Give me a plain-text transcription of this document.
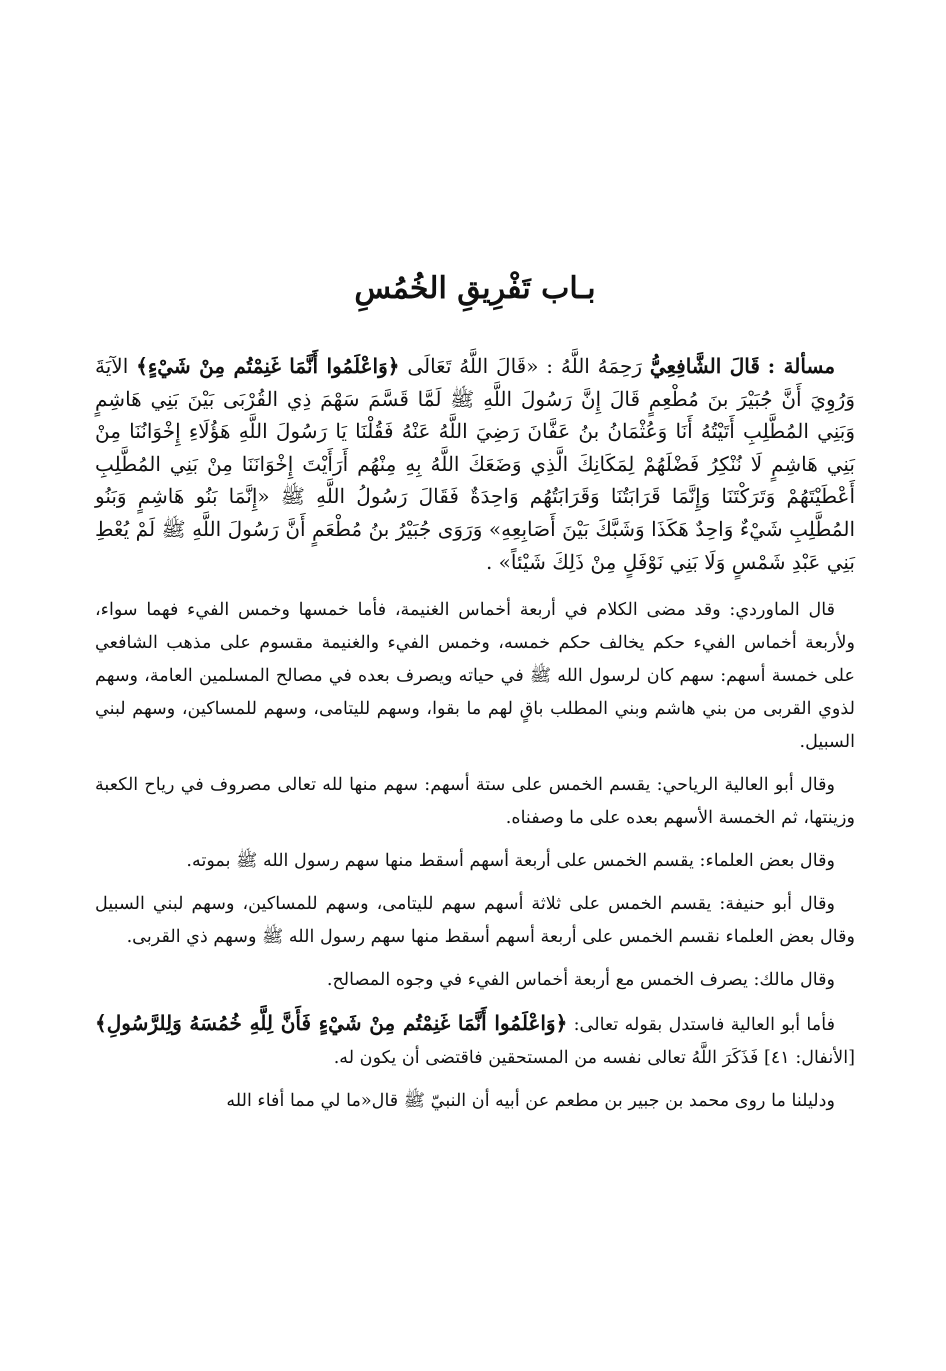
بـاب تَفْرِيقِ الخُمُسِ

مسألة : قَالَ الشَّافِعِيُّ رَحِمَهُ اللَّهُ : «قَالَ اللَّهُ تَعَالَى ﴿وَاعْلَمُوا أَنَّمَا غَنِمْتُم مِنْ شَيْءٍ﴾ الآيَةَ وَرُوِيَ أَنَّ جُبَيْرَ بنَ مُطْعِمٍ قَالَ إِنَّ رَسُولَ اللَّهِ ﷺ لَمَّا قَسَّمَ سَهْمَ ذِي القُرْبَى بَيْنَ بَنِي هَاشِمٍ وَبَنِي المُطَّلِبِ أَتَيْتُهُ أَنَا وَعُثْمَانُ بنُ عَفَّانَ رَضِيَ اللَّهُ عَنْهُ فَقُلْنَا يَا رَسُولَ اللَّهِ هَؤُلَاءِ إِخْوَانُنَا مِنْ بَنِي هَاشِمٍ لَا نُنْكِرُ فَضْلَهُمْ لِمَكَانِكَ الَّذِي وَضَعَكَ اللَّهُ بِهِ مِنْهُم أَرَأَيْتَ إِخْوَانَنَا مِنْ بَنِي المُطَّلِبِ أَعْطَيْتَهُمْ وَتَرَكْتَنَا وَإِنَّمَا قَرَابَتُنَا وَقَرَابَتُهُم وَاحِدَةٌ فَقَالَ رَسُولُ اللَّهِ ﷺ «إِنَّمَا بَنُو هَاشِمٍ وَبَنُو المُطَّلِبِ شَيْءٌ وَاحِدٌ هَكَذَا وَشَبَّكَ بَيْنَ أَصَابِعِهِ» وَرَوَى جُبَيْرُ بنُ مُطْعَمٍ أَنَّ رَسُولَ اللَّهِ ﷺ لَمْ يُعْطِ بَنِي عَبْدِ شَمْسٍ وَلَا بَنِي نَوْفَلٍ مِنْ ذَلِكَ شَيْئاً» .

قال الماوردي: وقد مضى الكلام في أربعة أخماس الغنيمة، فأما خمسها وخمس الفيء فهما سواء، ولأربعة أخماس الفيء حكم يخالف حكم خمسه، وخمس الفيء والغنيمة مقسوم على مذهب الشافعي على خمسة أسهم: سهم كان لرسول الله ﷺ في حياته ويصرف بعده في مصالح المسلمين العامة، وسهم لذوي القربى من بني هاشم وبني المطلب باقٍ لهم ما بقوا، وسهم لليتامى، وسهم للمساكين، وسهم لبني السبيل.

وقال أبو العالية الرياحي: يقسم الخمس على ستة أسهم: سهم منها لله تعالى مصروف في رياح الكعبة وزينتها، ثم الخمسة الأسهم بعده على ما وصفناه.

وقال بعض العلماء: يقسم الخمس على أربعة أسهم أسقط منها سهم رسول الله ﷺ بموته.

وقال أبو حنيفة: يقسم الخمس على ثلاثة أسهم سهم لليتامى، وسهم للمساكين، وسهم لبني السبيل وقال بعض العلماء نقسم الخمس على أربعة أسهم أسقط منها سهم رسول الله ﷺ وسهم ذي القربى.

وقال مالك: يصرف الخمس مع أربعة أخماس الفيء في وجوه المصالح.

فأما أبو العالية فاستدل بقوله تعالى: ﴿وَاعْلَمُوا أَنَّمَا غَنِمْتُم مِنْ شَيْءٍ فَأَنَّ لِلَّهِ خُمُسَهُ وَلِلرَّسُولِ﴾[الأنفال: ٤١] فَذَكَرَ اللَّهُ تعالى نفسه من المستحقين فاقتضى أن يكون له.

ودليلنا ما روى محمد بن جبير بن مطعم عن أبيه أن النبيّ ﷺ قال«ما لي مما أفاء الله
